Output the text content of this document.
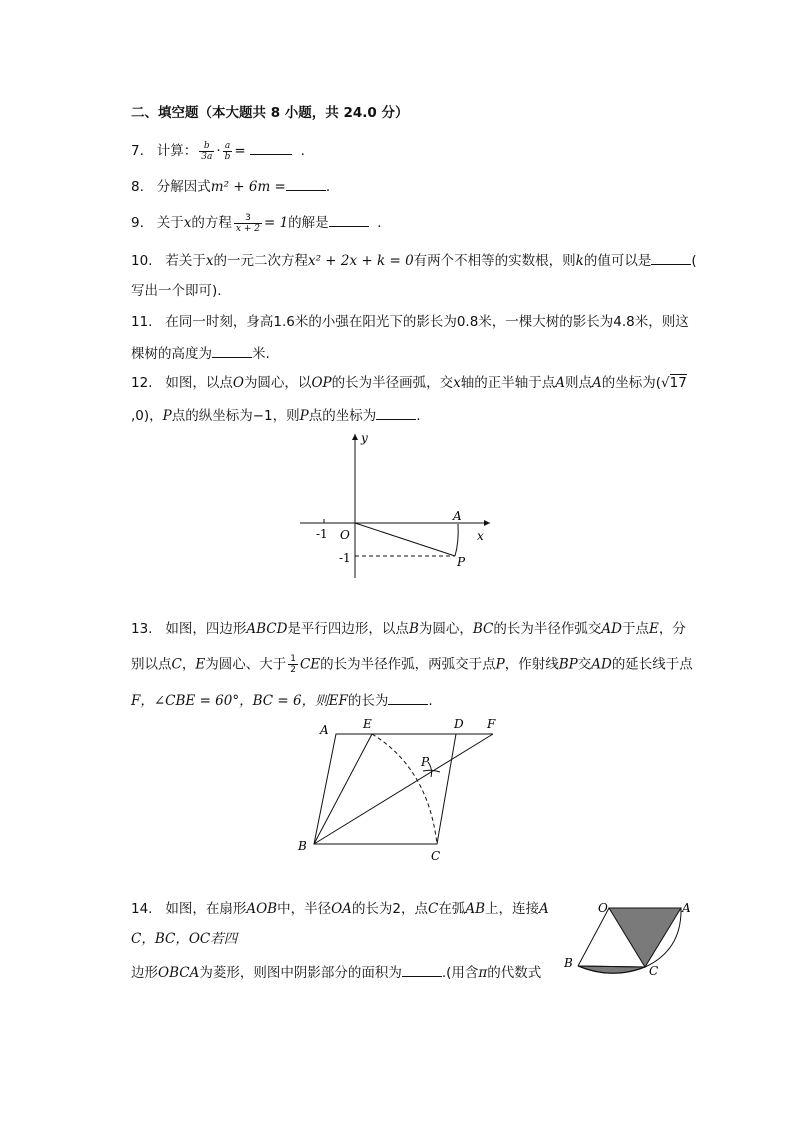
二、填空题（本大题共 8 小题，共 24.0 分）
7. 计算： $\frac{b}{3a} \cdot \frac{a}{b}$ =	.
8. 分解因式m² + 6m =	.
9. 关于x的方程 $\frac{3}{x + 2} = 1$的解是	.
10. 若关于x的一元二次方程x² + 2x + k = 0有两个不相等的实数根，则k的值可以是	(
写出一个即可).
11. 在同一时刻，身高1.6米的小强在阳光下的影长为0.8米，一棵大树的影长为4.8米，则这
棵树的高度为	米.
12. 如图，以点O为圆心，以OP的长为半径画弧，交x轴的正半轴于点A则点A的坐标为(√17
,0)，P点的纵坐标为−1，则P点的坐标为	.
y
x
A
O
P
-1
-1
13. 如图，四边形ABCD是平行四边形，以点B为圆心，BC的长为半径作弧交AD于点E，分
别以点C，E为圆心、大于 $\frac{1}{2}$ CE的长为半径作弧，两弧交于点P，作射线BP交AD的延长线于点
F，∠CBE = 60°，BC = 6，则EF的长为	.
A	E	D F
P
B
C
14. 如图，在扇形AOB中，半径OA的长为2，点C在弧AB上，连接A
C，BC，OC若四
边形OBCA为菱形，则图中阴影部分的面积为	.(用含π的代数式
O	A
B
C
